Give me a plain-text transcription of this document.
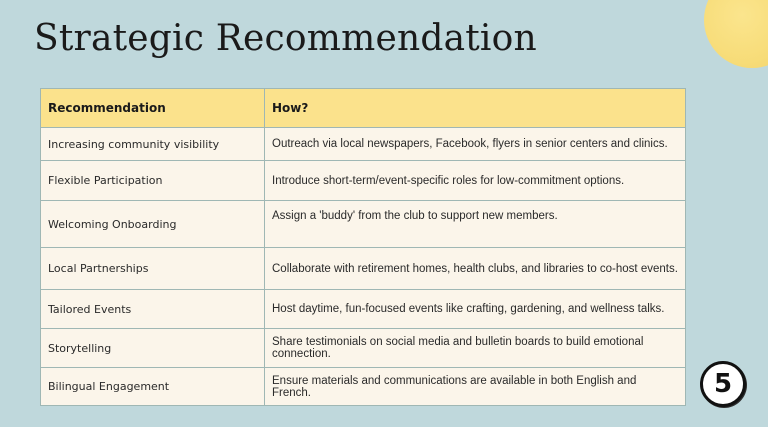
Strategic Recommendation
Recommendation	How?
Increasing community visibility	Outreach via local newspapers, Facebook, flyers in senior centers and clinics.
Flexible Participation	Introduce short-term/event-specific roles for low-commitment options.
Welcoming Onboarding	Assign a 'buddy' from the club to support new members.
Local Partnerships	Collaborate with retirement homes, health clubs, and libraries to co-host events.
Tailored Events	Host daytime, fun-focused events like crafting, gardening, and wellness talks.
Storytelling	Share testimonials on social media and bulletin boards to build emotional connection.
Bilingual Engagement	Ensure materials and communications are available in both English and French.	5
